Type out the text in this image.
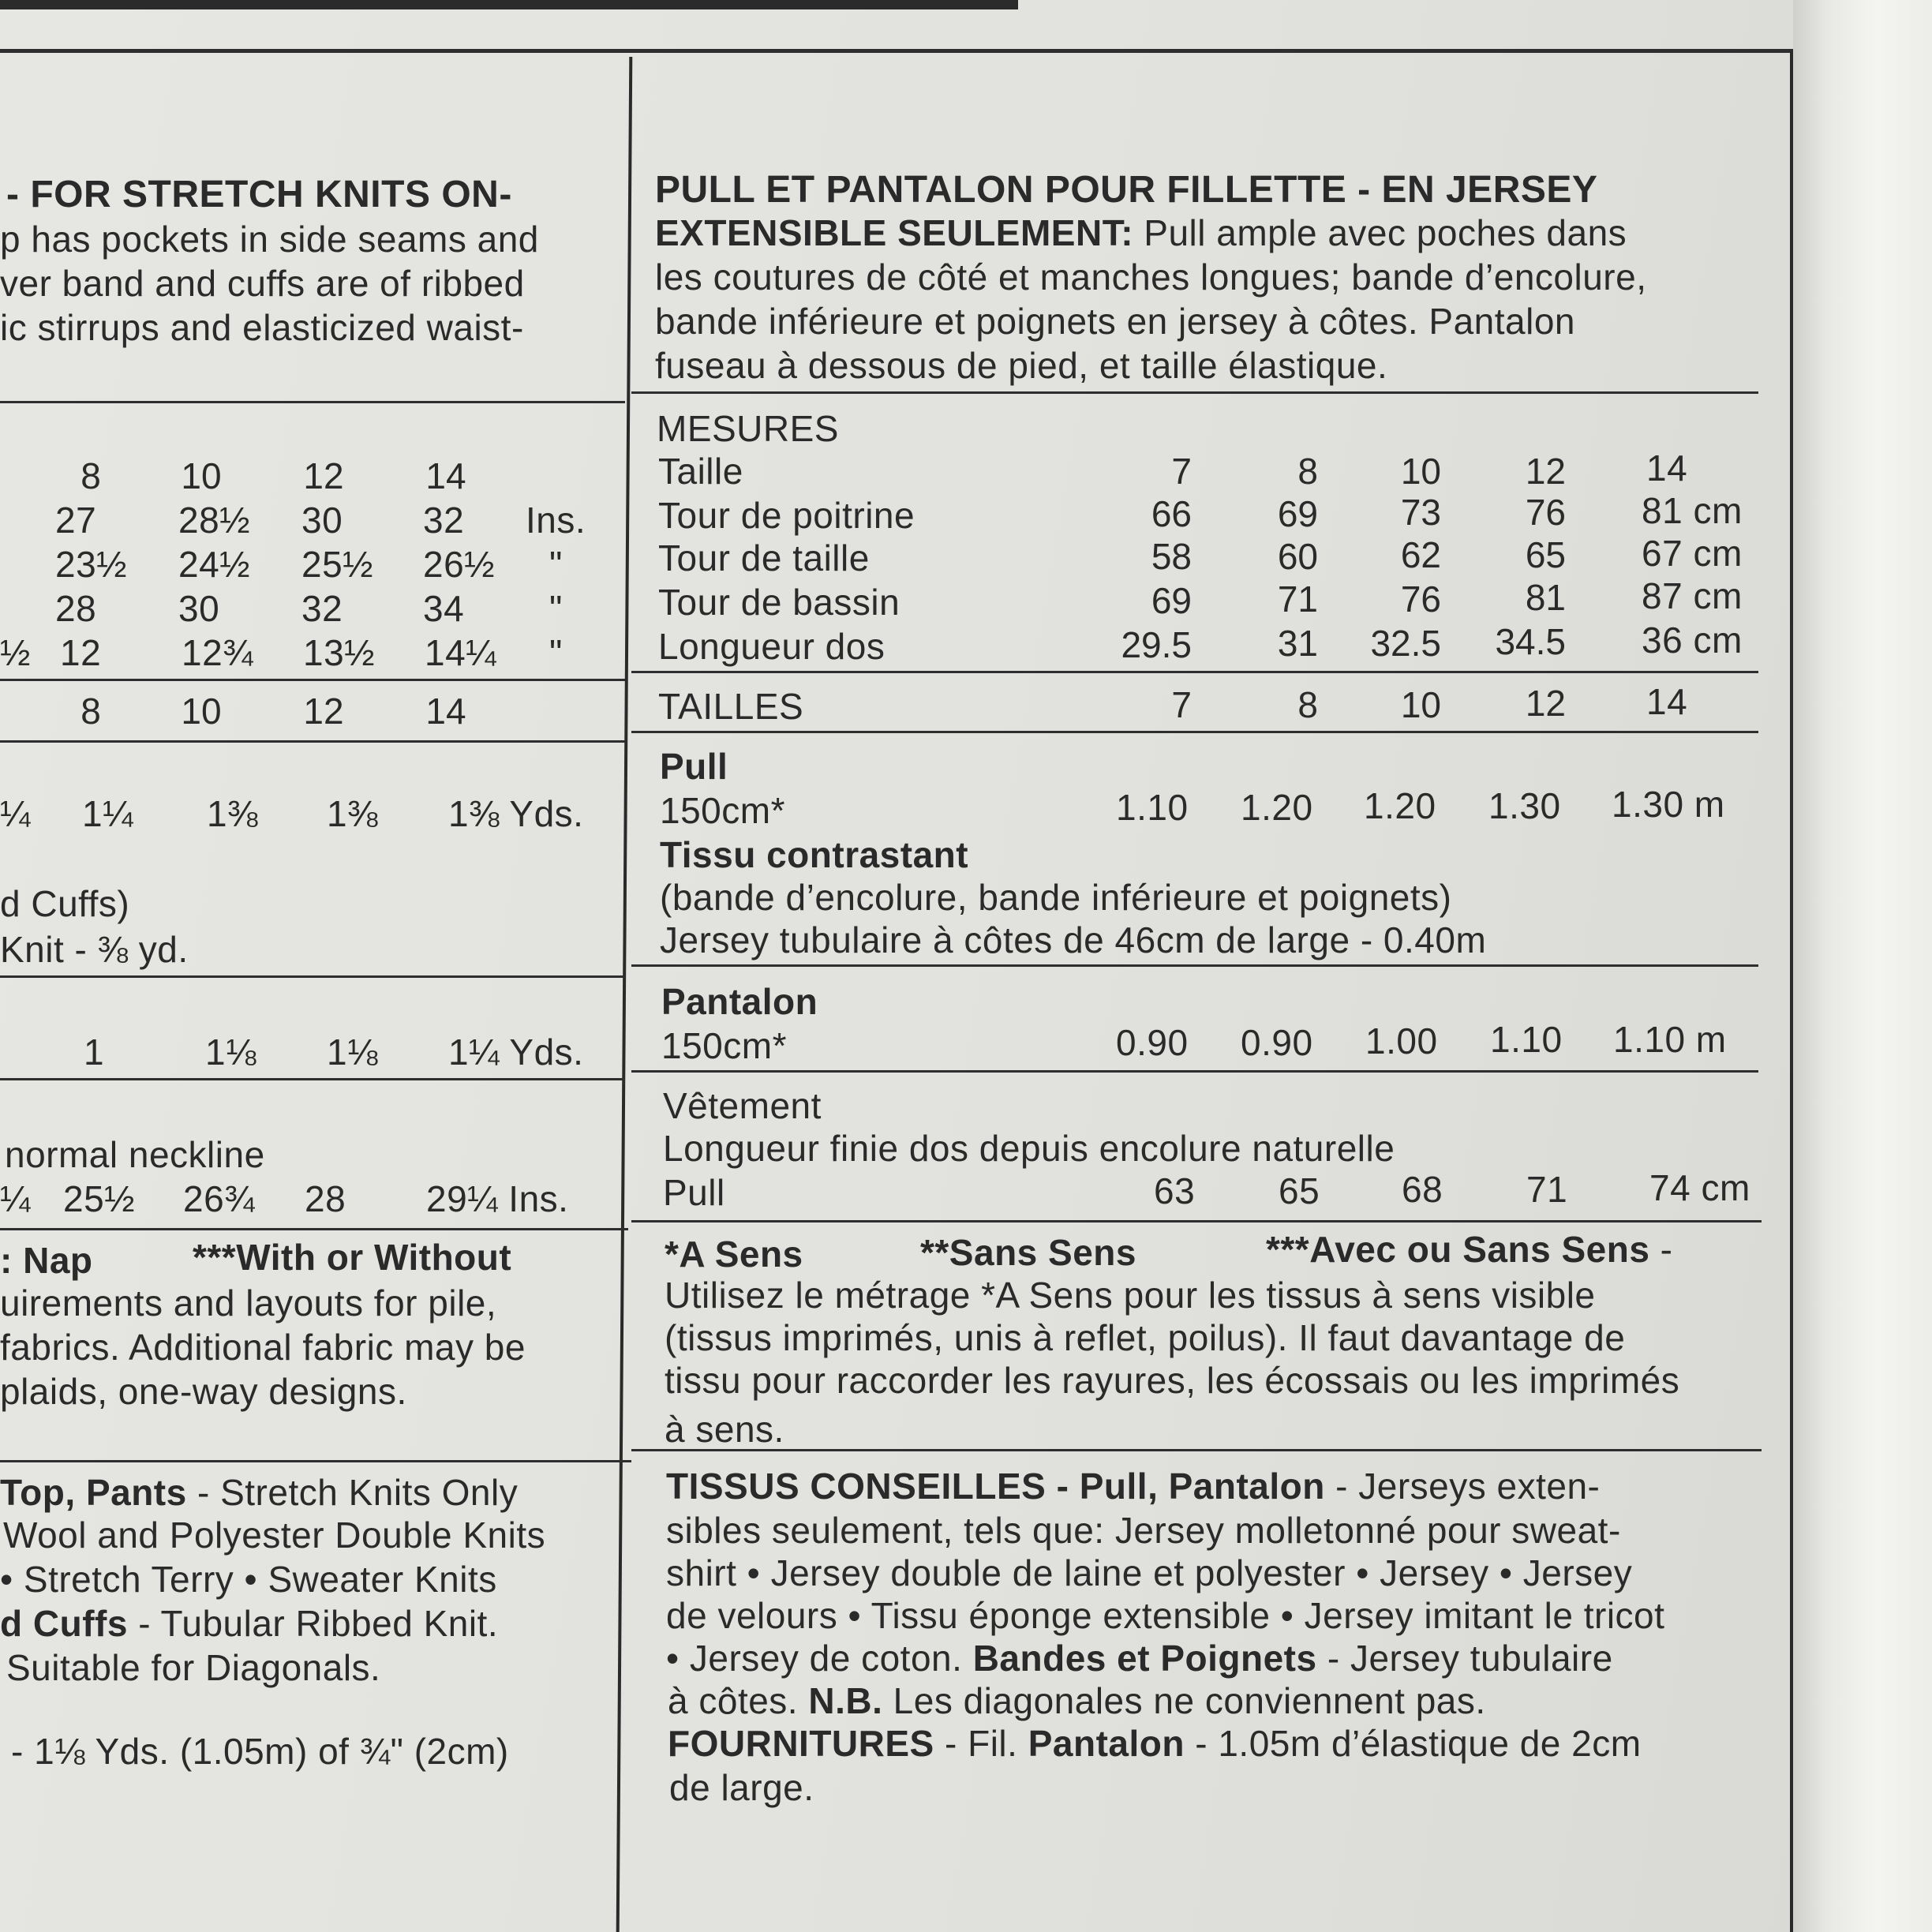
- FOR STRETCH KNITS ON-
p has pockets in side seams and
ver band and cuffs are of ribbed
ic stirrups and elasticized waist-
8	10	12	14
27 28½ 30 32 Ins.
23½ 24½ 25½ 26½ "
28 30 32 34 "
½ 12 12¾ 13½ 14¼ "
8	10	12	14
¼ 1¼ 1⅜ 1⅜ 1⅜ Yds.
d Cuffs)
Knit - ⅜ yd.
1	1⅛ 1⅛ 1¼ Yds.
normal neckline
¼ 25½ 26¾ 28 29¼ Ins.
: Nap	***With or Without
uirements and layouts for pile,
fabrics. Additional fabric may be
plaids, one-way designs.
Top, Pants - Stretch Knits Only
Wool and Polyester Double Knits
• Stretch Terry • Sweater Knits
d Cuffs - Tubular Ribbed Knit.
Suitable for Diagonals.
- 1⅛ Yds. (1.05m) of ¾" (2cm)
PULL ET PANTALON POUR FILLETTE - EN JERSEY
EXTENSIBLE SEULEMENT: Pull ample avec poches dans
les coutures de côté et manches longues; bande d’encolure,
bande inférieure et poignets en jersey à côtes. Pantalon
fuseau à dessous de pied, et taille élastique.
MESURES
Taille	7	8	10	12 14
Tour de poitrine	66	69	73	76 81 cm
Tour de taille	58	60	62	65 67 cm
Tour de bassin	69	71	76	81 87 cm
Longueur dos	29.5	31	32.5	34.5 36 cm
TAILLES	7	8	10	12 14
Pull
150cm*	1.10 1.20 1.20 1.30 1.30 m
Tissu contrastant
(bande d’encolure, bande inférieure et poignets)
Jersey tubulaire à côtes de 46cm de large - 0.40m
Pantalon
150cm*	0.90 0.90 1.00 1.10 1.10 m
Vêtement
Longueur finie dos depuis encolure naturelle
Pull	63 65 68 71 74 cm
*A Sens	**Sans Sens	***Avec ou Sans Sens -
Utilisez le métrage *A Sens pour les tissus à sens visible
(tissus imprimés, unis à reflet, poilus). Il faut davantage de
tissu pour raccorder les rayures, les écossais ou les imprimés
à sens.
TISSUS CONSEILLES - Pull, Pantalon - Jerseys exten-
sibles seulement, tels que: Jersey molletonné pour sweat-
shirt • Jersey double de laine et polyester • Jersey • Jersey
de velours • Tissu éponge extensible • Jersey imitant le tricot
• Jersey de coton. Bandes et Poignets - Jersey tubulaire
à côtes. N.B. Les diagonales ne conviennent pas.
FOURNITURES - Fil. Pantalon - 1.05m d’élastique de 2cm
de large.
